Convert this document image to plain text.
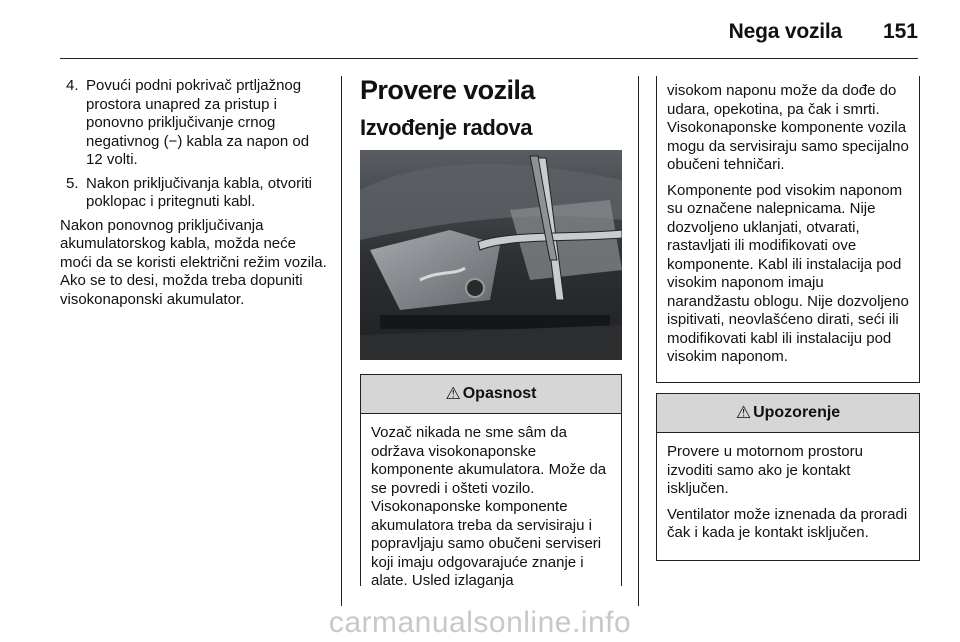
Nega vozila 151
4. Povući podni pokrivač prtljažnog prostora unapred za pristup i ponovno priključivanje crnog negativnog (−) kabla za napon od 12 volti.
5. Nakon priključivanja kabla, otvoriti poklopac i pritegnuti kabl.

Nakon ponovnog priključivanja akumulatorskog kabla, možda neće moći da se koristi električni režim vozila. Ako se to desi, možda treba dopuniti visokonaponski akumulator.

Provere vozila
Izvođenje radova
⚠ Opasnost

Vozač nikada ne sme sâm da održava visokonaponske komponente akumulatora. Može da se povredi i ošteti vozilo. Visokonaponske komponente akumulatora treba da servisiraju i popravljaju samo obučeni serviseri koji imaju odgovarajuće znanje i alate. Usled izlaganja

visokom naponu može da dođe do udara, opekotina, pa čak i smrti. Visokonaponske komponente vozila mogu da servisiraju samo specijalno obučeni tehničari.

Komponente pod visokim naponom su označene nalepnicama. Nije dozvoljeno uklanjati, otvarati, rastavljati ili modifikovati ove komponente. Kabl ili instalacija pod visokim naponom imaju narandžastu oblogu. Nije dozvoljeno ispitivati, neovlašćeno dirati, seći ili modifikovati kabl ili instalaciju pod visokim naponom.

⚠ Upozorenje

Provere u motornom prostoru izvoditi samo ako je kontakt isključen.

Ventilator može iznenada da proradi čak i kada je kontakt isključen.

carmanualsonline.info
